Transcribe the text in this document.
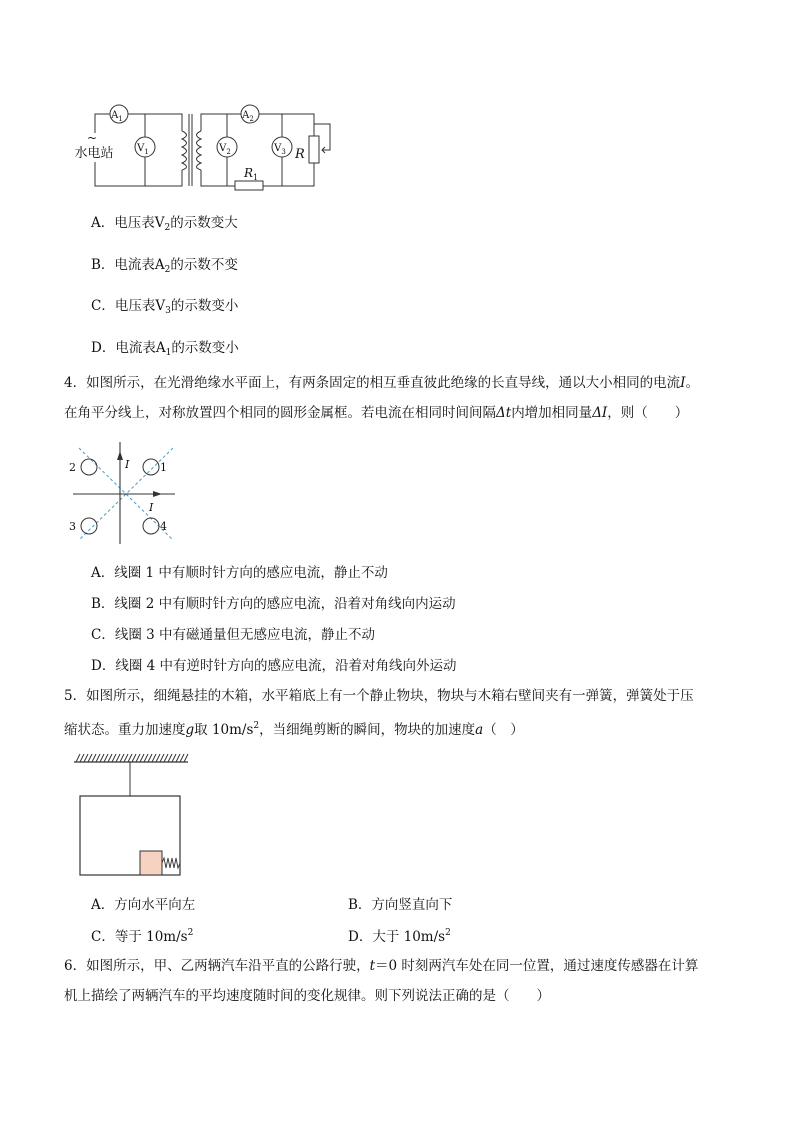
$A_1$
$V_1$	$V_2$
$A_2$
$V_3$
$R_1$
R
~
水电站
A．电压表$V_2$的示数变大
B．电流表$A_2$的示数不变
C．电压表$V_3$的示数变小
D．电流表$A_1$的示数变小
4．如图所示，在光滑绝缘水平面上，有两条固定的相互垂直彼此绝缘的长直导线，通以大小相同的电流I。
在角平分线上，对称放置四个相同的圆形金属框。若电流在相同时间间隔Δt内增加相同量ΔI，则（　　）
2	1
3	4
I
I
A．线圈 1 中有顺时针方向的感应电流，静止不动
B．线圈 2 中有顺时针方向的感应电流，沿着对角线向内运动
C．线圈 3 中有磁通量但无感应电流，静止不动
D．线圈 4 中有逆时针方向的感应电流，沿着对角线向外运动
5．如图所示，细绳悬挂的木箱，水平箱底上有一个静止物块，物块与木箱右壁间夹有一弹簧，弹簧处于压
缩状态。重力加速度g取 $10m/s^2$，当细绳剪断的瞬间，物块的加速度a（　）
A．方向水平向左	B．方向竖直向下
C．等于 $10m/s^2$	D．大于 $10m/s^2$
6．如图所示，甲、乙两辆汽车沿平直的公路行驶，t＝0 时刻两汽车处在同一位置，通过速度传感器在计算
机上描绘了两辆汽车的平均速度随时间的变化规律。则下列说法正确的是（　　）
